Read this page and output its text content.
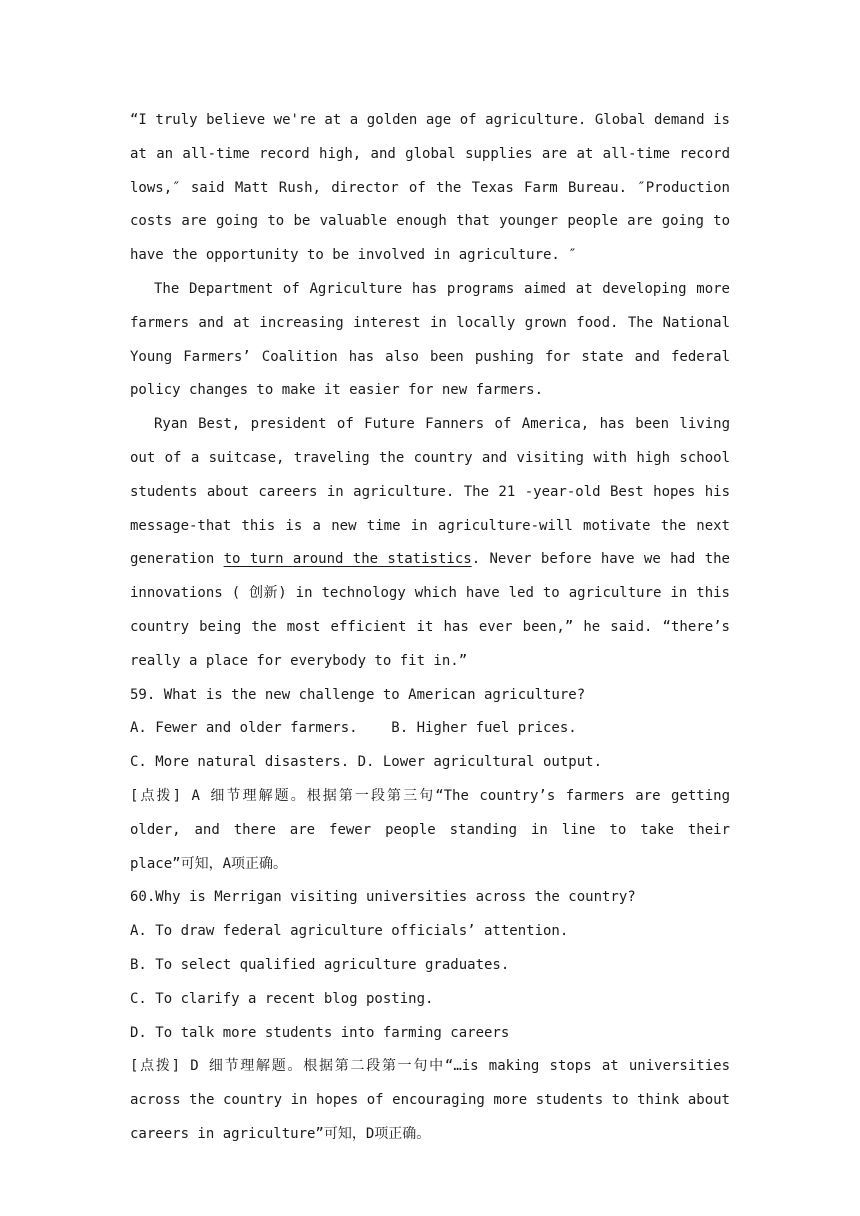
“I truly believe we're at a golden age of agriculture. Global demand is at an all-time record high, and global supplies are at all-time record lows,″ said Matt Rush, director of the Texas Farm Bureau. ″Production costs are going to be valuable enough that younger people are going to have the opportunity to be involved in agriculture. ″

The Department of Agriculture has programs aimed at developing more farmers and at increasing interest in locally grown food. The National Young Farmers’ Coalition has also been pushing for state and federal policy changes to make it easier for new farmers.

Ryan Best, president of Future Fanners of America, has been living out of a suitcase, traveling the country and visiting with high school students about careers in agriculture. The 21 -year-old Best hopes his message-that this is a new time in agriculture-will motivate the next generation to turn around the statistics. Never before have we had the innovations ( 创新) in technology which have led to agriculture in this country being the most efficient it has ever been,” he said. “there’s really a place for everybody to fit in.”

59. What is the new challenge to American agriculture?

A. Fewer and older farmers.    B. Higher fuel prices.

C. More natural disasters. D. Lower agricultural output.

[点拨] A 细节理解题。根据第一段第三句“The country’s farmers are getting older, and there are fewer people standing in line to take their place”可知，A项正确。

60.Why is Merrigan visiting universities across the country?

A. To draw federal agriculture officials’ attention.

B. To select qualified agriculture graduates.

C. To clarify a recent blog posting.

D. To talk more students into farming careers

[点拨] D 细节理解题。根据第二段第一句中“…is making stops at universities across the country in hopes of encouraging more students to think about careers in agriculture”可知，D项正确。
